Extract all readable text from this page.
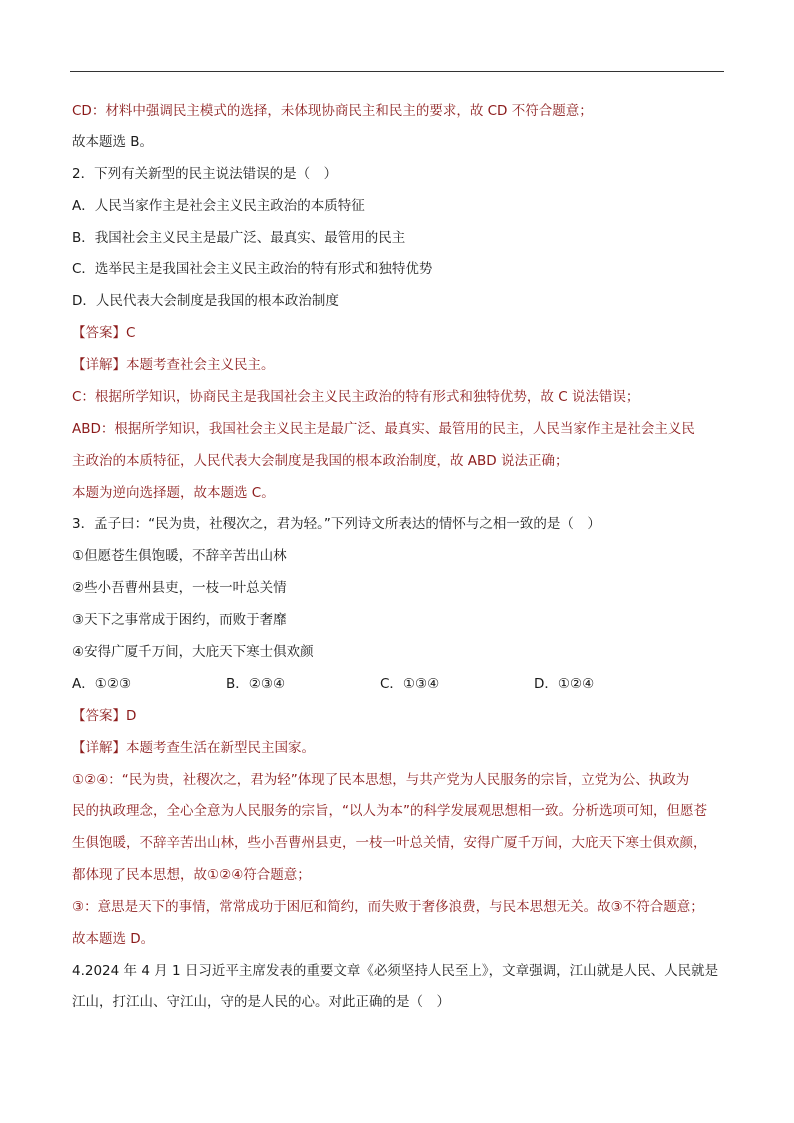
CD：材料中强调民主模式的选择，未体现协商民主和民主的要求，故 CD 不符合题意；
故本题选 B。
2．下列有关新型的民主说法错误的是（　）
A．人民当家作主是社会主义民主政治的本质特征
B．我国社会主义民主是最广泛、最真实、最管用的民主
C．选举民主是我国社会主义民主政治的特有形式和独特优势
D．人民代表大会制度是我国的根本政治制度
【答案】C
【详解】本题考查社会主义民主。
C：根据所学知识，协商民主是我国社会主义民主政治的特有形式和独特优势，故 C 说法错误；
ABD：根据所学知识，我国社会主义民主是最广泛、最真实、最管用的民主，人民当家作主是社会主义民
主政治的本质特征，人民代表大会制度是我国的根本政治制度，故 ABD 说法正确；
本题为逆向选择题，故本题选 C。
3．孟子曰：“民为贵，社稷次之，君为轻。”下列诗文所表达的情怀与之相一致的是（　）
①但愿苍生俱饱暖，不辞辛苦出山林
②些小吾曹州县吏，一枝一叶总关情
③天下之事常成于困约，而败于奢靡
④安得广厦千万间，大庇天下寒士俱欢颜
A．①②③	B．②③④	C．①③④	D．①②④
【答案】D
【详解】本题考查生活在新型民主国家。
①②④：“民为贵，社稷次之，君为轻”体现了民本思想，与共产党为人民服务的宗旨，立党为公、执政为
民的执政理念，全心全意为人民服务的宗旨，“以人为本”的科学发展观思想相一致。分析选项可知，但愿苍
生俱饱暖，不辞辛苦出山林，些小吾曹州县吏，一枝一叶总关情，安得广厦千万间，大庇天下寒士俱欢颜，
都体现了民本思想，故①②④符合题意；
③：意思是天下的事情，常常成功于困厄和简约，而失败于奢侈浪费，与民本思想无关。故③不符合题意；
故本题选 D。
4.2024 年 4 月 1 日习近平主席发表的重要文章《必须坚持人民至上》，文章强调，江山就是人民、人民就是
江山，打江山、守江山，守的是人民的心。对此正确的是（　）
